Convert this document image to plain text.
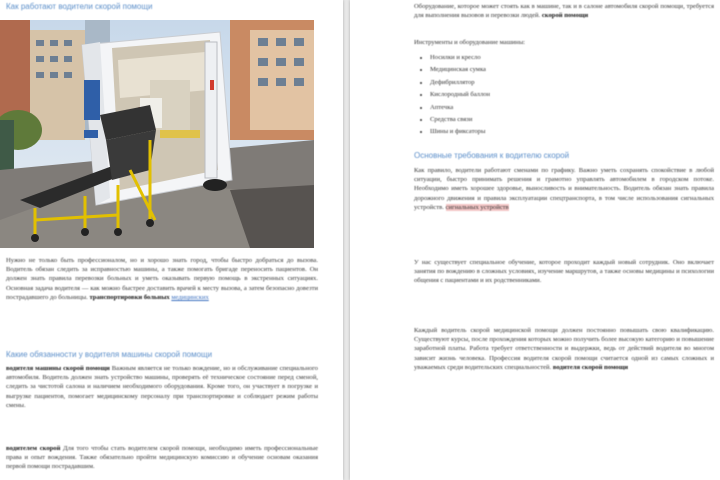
Как работают водители скорой помощи
Нужно не только быть профессионалом, но и хорошо знать город, чтобы быстро добраться до вызова. Водитель обязан следить за исправностью машины, а также помогать бригаде переносить пациентов. Он должен знать правила перевозки больных и уметь оказывать первую помощь в экстренных ситуациях. Основная задача водителя — как можно быстрее доставить врачей к месту вызова, а затем безопасно довезти пострадавшего до больницы. транспортировки больных медицинских
Какие обязанности у водителя машины скорой помощи
водителя машины скорой помощи Важным является не только вождение, но и обслуживание специального автомобиля. Водитель должен знать устройство машины, проверять её техническое состояние перед сменой, следить за чистотой салона и наличием необходимого оборудования. Кроме того, он участвует в погрузке и выгрузке пациентов, помогает медицинскому персоналу при транспортировке и соблюдает режим работы смены.
водителем скорой Для того чтобы стать водителем скорой помощи, необходимо иметь профессиональные права и опыт вождения. Также обязательно пройти медицинскую комиссию и обучение основам оказания первой помощи пострадавшим.
Оборудование, которое может стоять как в машине, так и в салоне автомобиля скорой помощи, требуется для выполнения вызовов и перевозки людей. скорой помощи
Инструменты и оборудование машины:
• Носилки и кресло
• Медицинская сумка
• Дефибриллятор
• Кислородный баллон
• Аптечка
• Средства связи
• Шины и фиксаторы
Основные требования к водителю скорой
Как правило, водители работают сменами по графику. Важно уметь сохранять спокойствие в любой ситуации, быстро принимать решения и грамотно управлять автомобилем в городском потоке. Необходимо иметь хорошее здоровье, выносливость и внимательность. Водитель обязан знать правила дорожного движения и правила эксплуатации спецтранспорта, в том числе использования сигнальных устройств. сигнальных устройств
У нас существует специальное обучение, которое проходит каждый новый сотрудник. Оно включает занятия по вождению в сложных условиях, изучение маршрутов, а также основы медицины и психологии общения с пациентами и их родственниками.
Каждый водитель скорой медицинской помощи должен постоянно повышать свою квалификацию. Существуют курсы, после прохождения которых можно получить более высокую категорию и повышение заработной платы. Работа требует ответственности и выдержки, ведь от действий водителя во многом зависит жизнь человека. Профессия водителя скорой помощи считается одной из самых сложных и уважаемых среди водительских специальностей. водителя скорой помощи
